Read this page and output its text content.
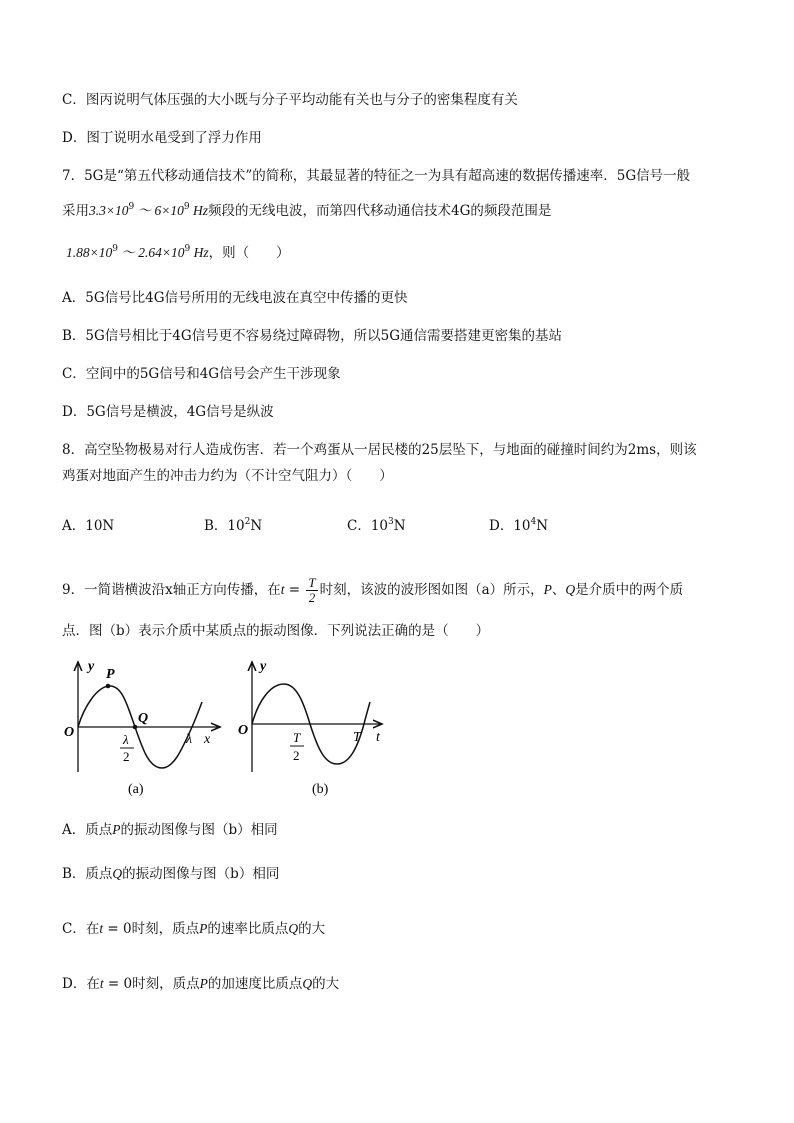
C．图丙说明气体压强的大小既与分子平均动能有关也与分子的密集程度有关
D．图丁说明水黾受到了浮力作用
7．5G是“第五代移动通信技术”的简称，其最显著的特征之一为具有超高速的数据传播速率．5G信号一般
采用$3.3\times 10^9$ ～ $6\times 10^9$ Hz频段的无线电波，而第四代移动通信技术4G的频段范围是
$1.88\times 10^9$ ～ $2.64\times 10^9$ Hz，则（　　）
A．5G信号比4G信号所用的无线电波在真空中传播的更快
B．5G信号相比于4G信号更不容易绕过障碍物，所以5G通信需要搭建更密集的基站
C．空间中的5G信号和4G信号会产生干涉现象
D．5G信号是横波，4G信号是纵波
8．高空坠物极易对行人造成伤害．若一个鸡蛋从一居民楼的25层坠下，与地面的碰撞时间约为2ms，则该
鸡蛋对地面产生的冲击力约为（不计空气阻力）（　　）
A．10N	B．$10^2N$	C．$10^3N$	D．$10^4N$
9．一简谐横波沿x轴正方向传播，在$t = \frac{T}{2}$ 时刻，该波的波形图如图（a）所示，P、Q是介质中的两个质
点．图（b）表示介质中某质点的振动图像．下列说法正确的是（　　）
y
P
O
Q
λ
2
λ x
(a)
y
O	T
2
T t
(b)
A．质点P的振动图像与图（b）相同
B．质点Q的振动图像与图（b）相同
C．在t = 0时刻，质点P的速率比质点Q的大
D．在t = 0时刻，质点P的加速度比质点Q的大
